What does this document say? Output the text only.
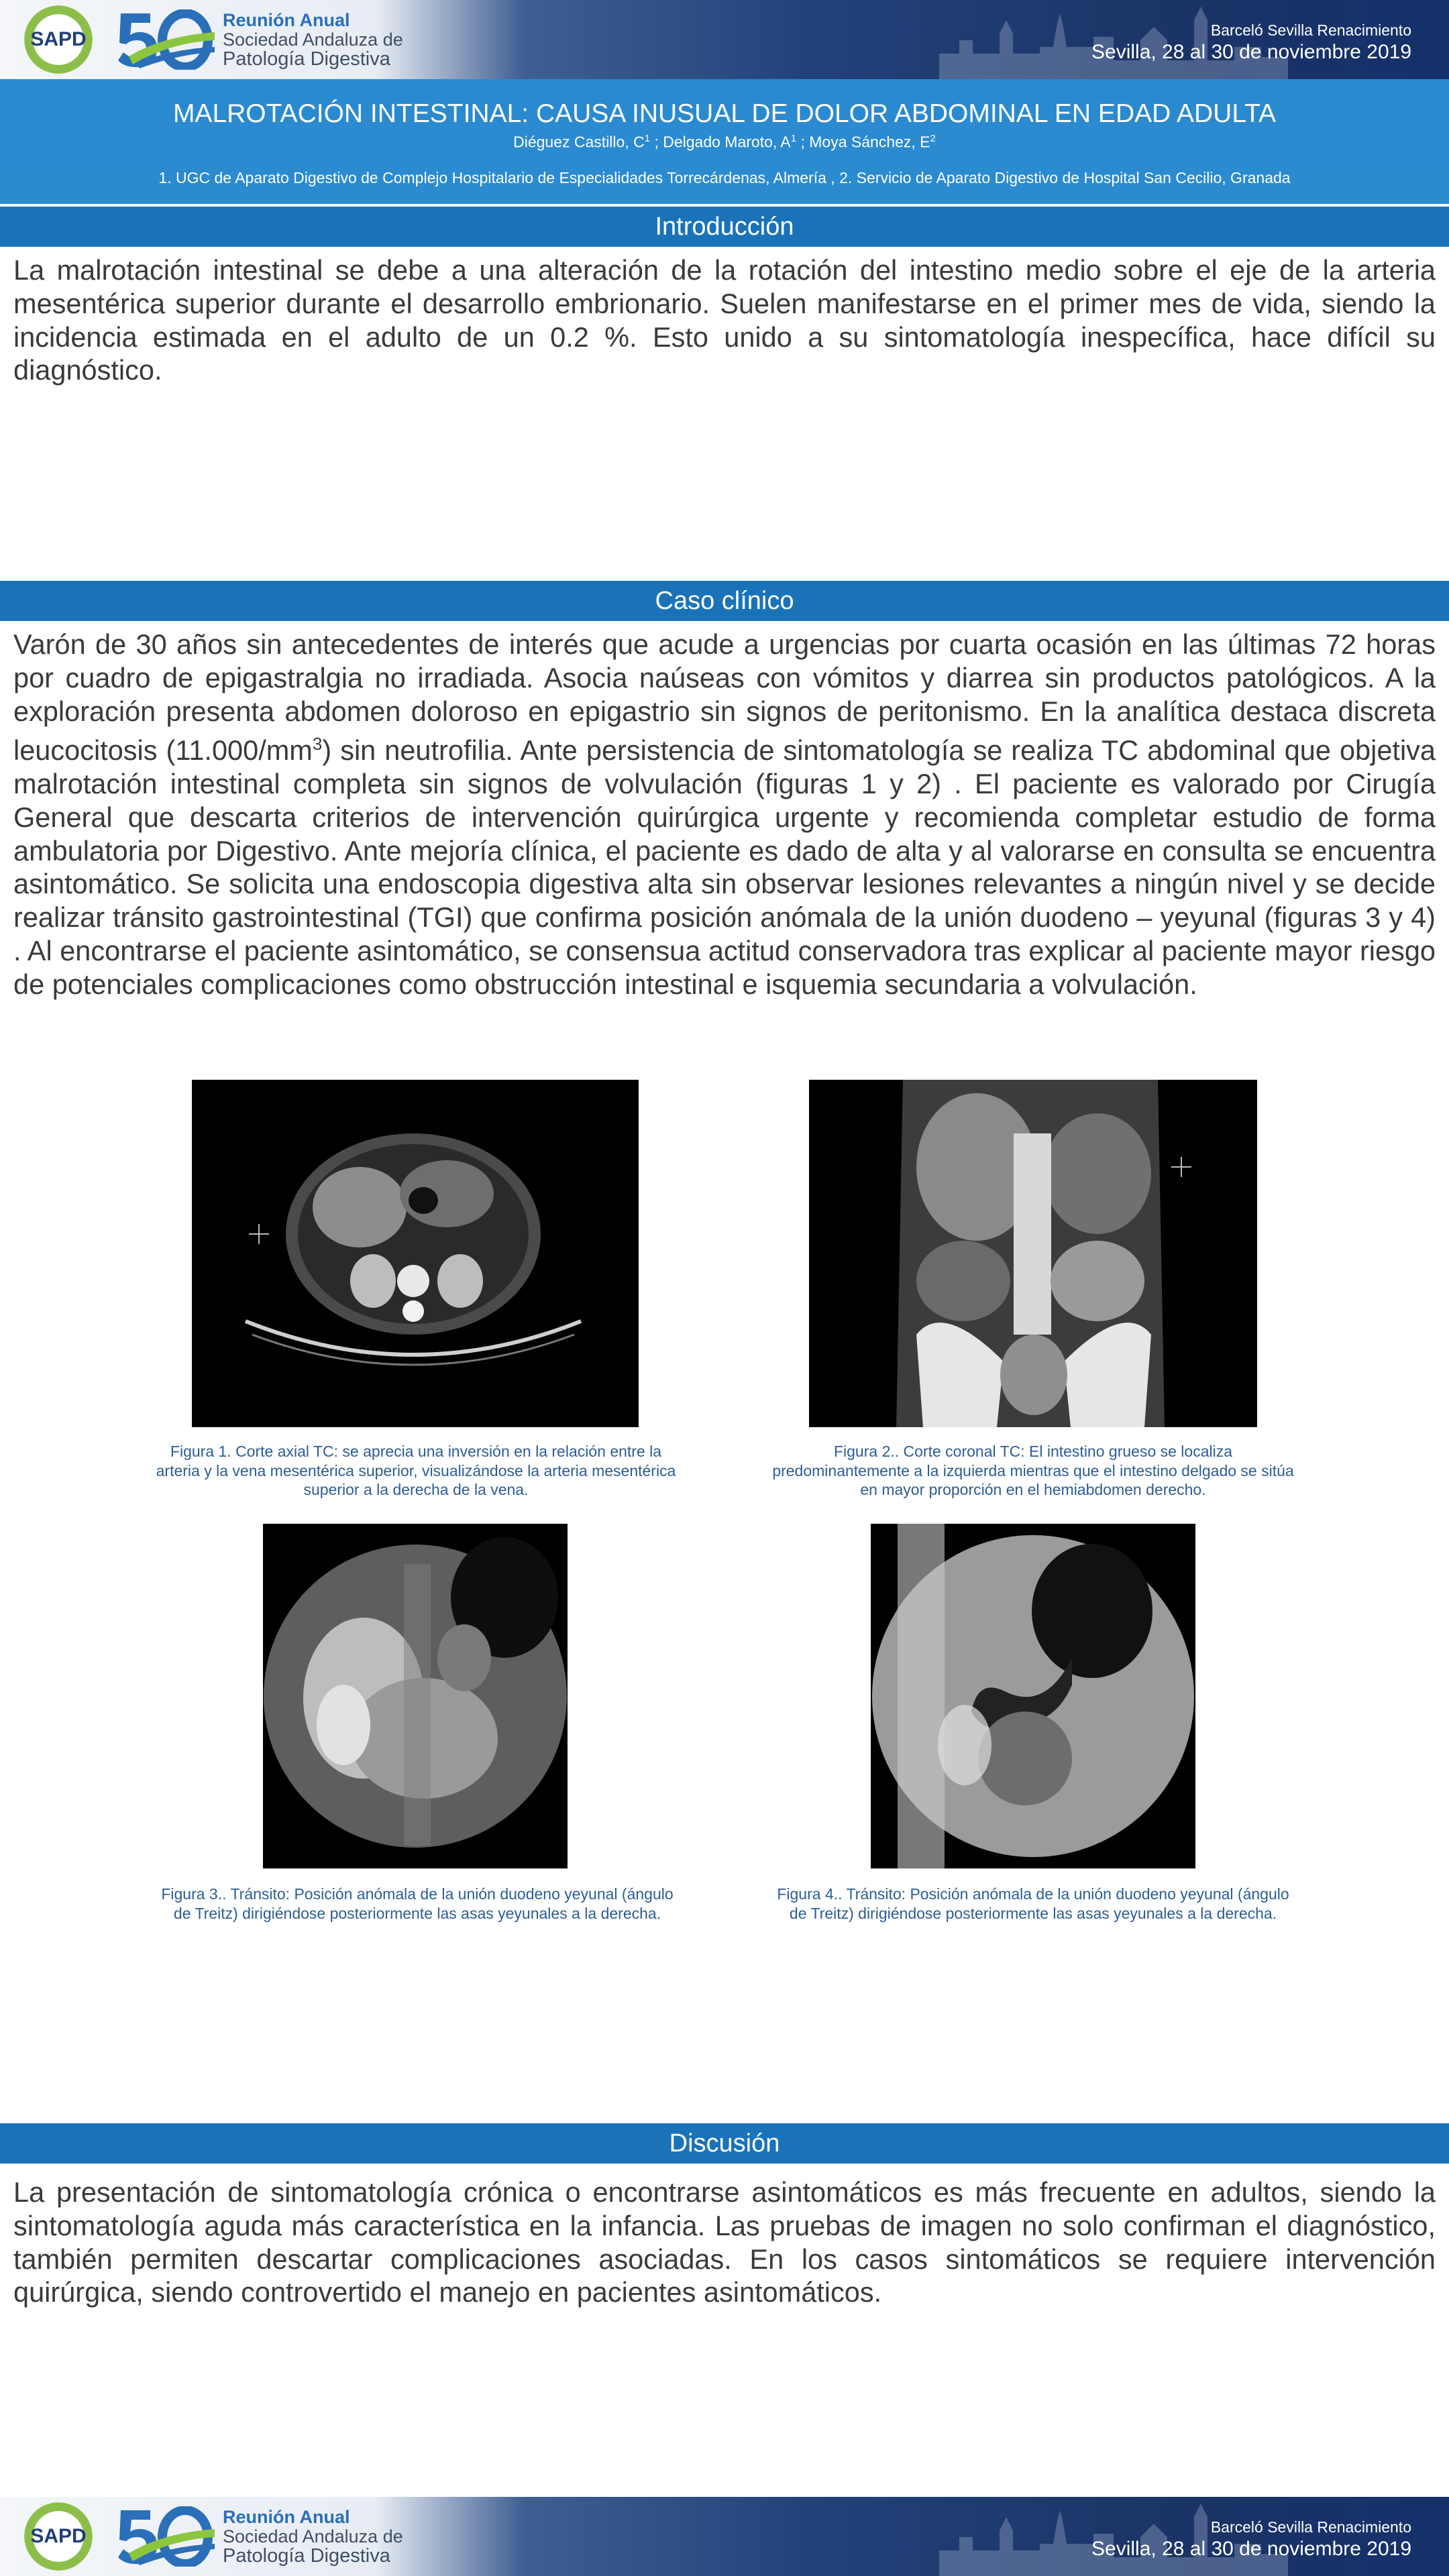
SAPD
Reunión Anual
Sociedad Andaluza de
Patología Digestiva
Barceló Sevilla Renacimiento
Sevilla, 28 al 30 de noviembre 2019
MALROTACIÓN INTESTINAL: CAUSA INUSUAL DE DOLOR ABDOMINAL EN EDAD ADULTA
Diéguez Castillo, $C^1$ ; Delgado Maroto, $A^1$ ; Moya Sánchez, $E^2$
1. UGC de Aparato Digestivo de Complejo Hospitalario de Especialidades Torrecárdenas, Almería , 2. Servicio de Aparato Digestivo de Hospital San Cecilio, Granada
Introducción

La malrotación intestinal se debe a una alteración de la rotación del intestino medio sobre el eje de la arteria mesentérica superior durante el desarrollo embrionario. Suelen manifestarse en el primer mes de vida, siendo la incidencia estimada en el adulto de un 0.2 %. Esto unido a su sintomatología inespecífica, hace difícil su diagnóstico.

Caso clínico

Varón de 30 años sin antecedentes de interés que acude a urgencias por cuarta ocasión en las últimas 72 horas por cuadro de epigastralgia no irradiada. Asocia naúseas con vómitos y diarrea sin productos patológicos. A la exploración presenta abdomen doloroso en epigastrio sin signos de peritonismo. En la analítica destaca discreta leucocitosis $(11.000/mm^3)$ sin neutrofilia. Ante persistencia de sintomatología se realiza TC abdominal que objetiva malrotación intestinal completa sin signos de volvulación (figuras 1 y 2) . El paciente es valorado por Cirugía General que descarta criterios de intervención quirúrgica urgente y recomienda completar estudio de forma ambulatoria por Digestivo. Ante mejoría clínica, el paciente es dado de alta y al valorarse en consulta se encuentra asintomático. Se solicita una endoscopia digestiva alta sin observar lesiones relevantes a ningún nivel y se decide realizar tránsito gastrointestinal (TGI) que confirma posición anómala de la unión duodeno – yeyunal (figuras 3 y 4) . Al encontrarse el paciente asintomático, se consensua actitud conservadora tras explicar al paciente mayor riesgo de potenciales complicaciones como obstrucción intestinal e isquemia secundaria a volvulación.

Figura 1. Corte axial TC: se aprecia una inversión en la relación entre la arteria y la vena mesentérica superior, visualizándose la arteria mesentérica superior a la derecha de la vena.
Figura 2.. Corte coronal TC: El intestino grueso se localiza predominantemente a la izquierda mientras que el intestino delgado se sitúa en mayor proporción en el hemiabdomen derecho.
Figura 3.. Tránsito: Posición anómala de la unión duodeno yeyunal (ángulo de Treitz) dirigiéndose posteriormente las asas yeyunales a la derecha.
Figura 4.. Tránsito: Posición anómala de la unión duodeno yeyunal (ángulo de Treitz) dirigiéndose posteriormente las asas yeyunales a la derecha.
Discusión

La presentación de sintomatología crónica o encontrarse asintomáticos es más frecuente en adultos, siendo la sintomatología aguda más característica en la infancia. Las pruebas de imagen no solo confirman el diagnóstico, también permiten descartar complicaciones asociadas. En los casos sintomáticos se requiere intervención quirúrgica, siendo controvertido el manejo en pacientes asintomáticos.

SAPD
Reunión Anual
Sociedad Andaluza de
Patología Digestiva
Barceló Sevilla Renacimiento
Sevilla, 28 al 30 de noviembre 2019
